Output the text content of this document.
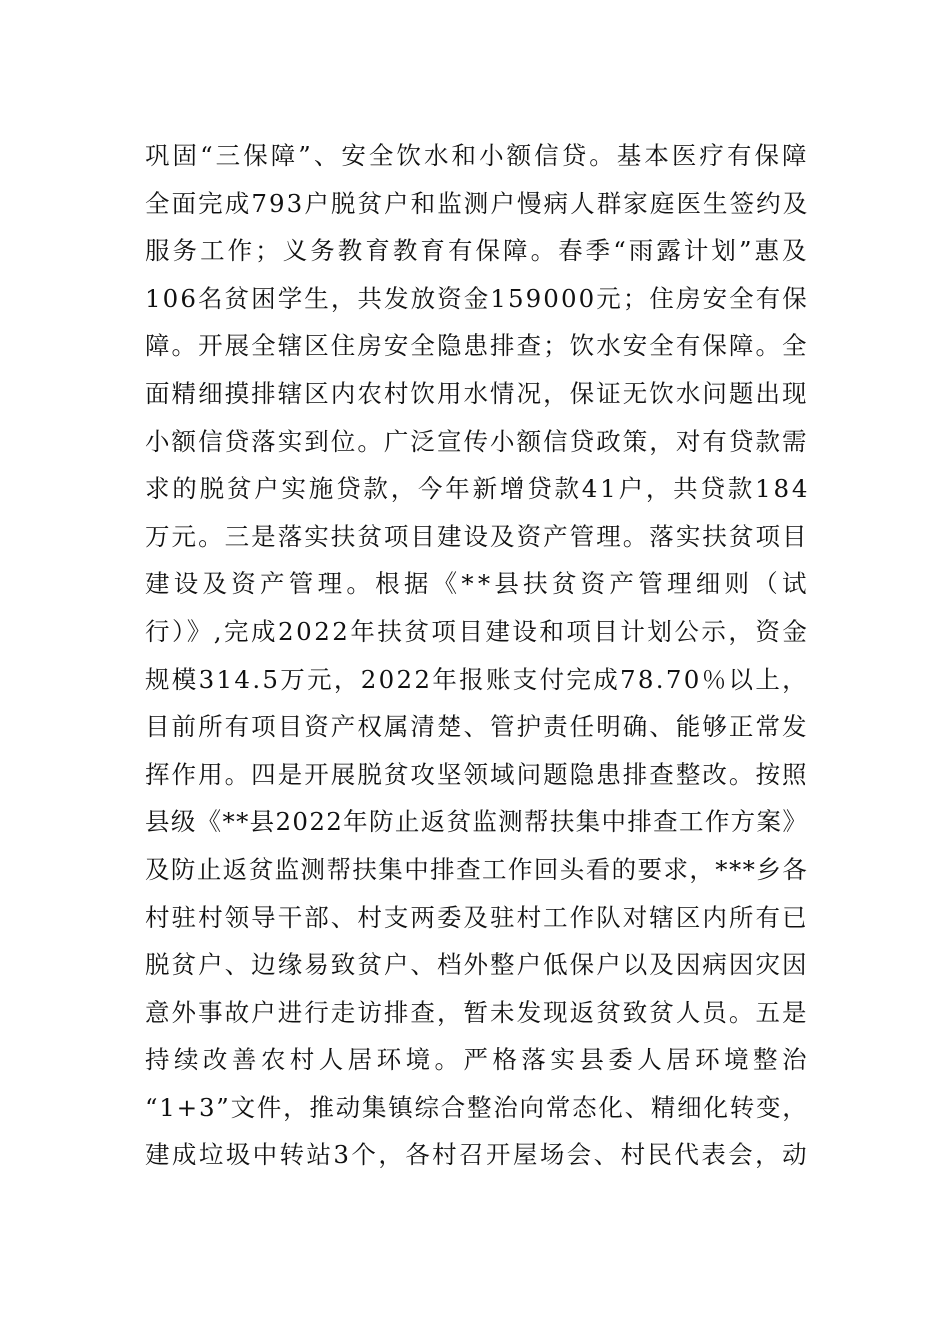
巩固“三保障”、安全饮水和小额信贷。基本医疗有保障
全面完成793户脱贫户和监测户慢病人群家庭医生签约及
服务工作；义务教育教育有保障。春季“雨露计划”惠及
106名贫困学生，共发放资金159000元；住房安全有保
障。开展全辖区住房安全隐患排查；饮水安全有保障。全
面精细摸排辖区内农村饮用水情况，保证无饮水问题出现
小额信贷落实到位。广泛宣传小额信贷政策，对有贷款需
求的脱贫户实施贷款，今年新增贷款41户，共贷款184
万元。三是落实扶贫项目建设及资产管理。落实扶贫项目
建设及资产管理。根据《**县扶贫资产管理细则（试
行）》,完成2022年扶贫项目建设和项目计划公示，资金
规模314.5万元，2022年报账支付完成78.70％以上，
目前所有项目资产权属清楚、管护责任明确、能够正常发
挥作用。四是开展脱贫攻坚领域问题隐患排查整改。按照
县级《**县2022年防止返贫监测帮扶集中排查工作方案》
及防止返贫监测帮扶集中排查工作回头看的要求，***乡各
村驻村领导干部、村支两委及驻村工作队对辖区内所有已
脱贫户、边缘易致贫户、档外整户低保户以及因病因灾因
意外事故户进行走访排查，暂未发现返贫致贫人员。五是
持续改善农村人居环境。严格落实县委人居环境整治
“1+3”文件，推动集镇综合整治向常态化、精细化转变，
建成垃圾中转站3个，各村召开屋场会、村民代表会，动
